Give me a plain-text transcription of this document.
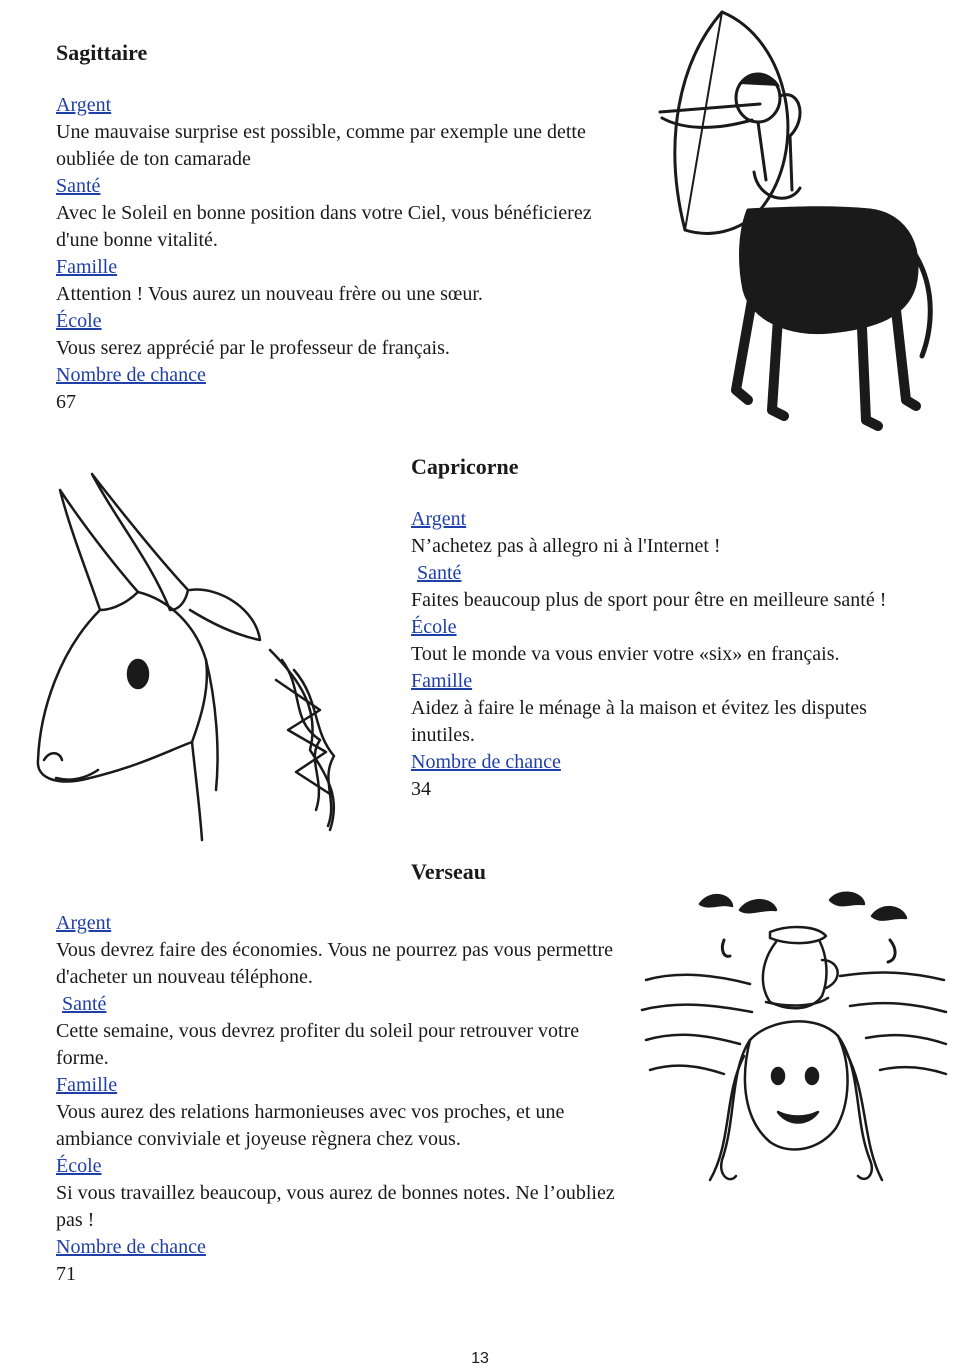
Sagittaire
Argent
Une mauvaise surprise est possible, comme par exemple une dette oubliée de ton camarade
Santé
Avec le Soleil en bonne position dans votre Ciel, vous bénéficierez d'une bonne vitalité.
Famille
Attention ! Vous aurez un nouveau frère ou une sœur.
École
Vous serez apprécié par le professeur de français.
Nombre de chance
67
Capricorne
Argent
N’achetez pas à allegro ni à l'Internet !
Santé
Faites beaucoup plus de sport pour être en meilleure santé !
École
Tout le monde va vous envier votre «six» en français.
Famille
Aidez à faire le ménage à la maison et évitez les disputes inutiles.
Nombre de chance
34
Verseau
Argent
Vous devrez faire des économies. Vous ne pourrez pas vous permettre d'acheter un nouveau téléphone.
Santé
Cette semaine, vous devrez profiter du soleil pour retrouver votre forme.
Famille
Vous aurez des relations harmonieuses avec vos proches, et une ambiance conviviale et joyeuse règnera chez vous.
École
Si vous travaillez beaucoup, vous aurez de bonnes notes. Ne l’oubliez pas !
Nombre de chance
71
13
